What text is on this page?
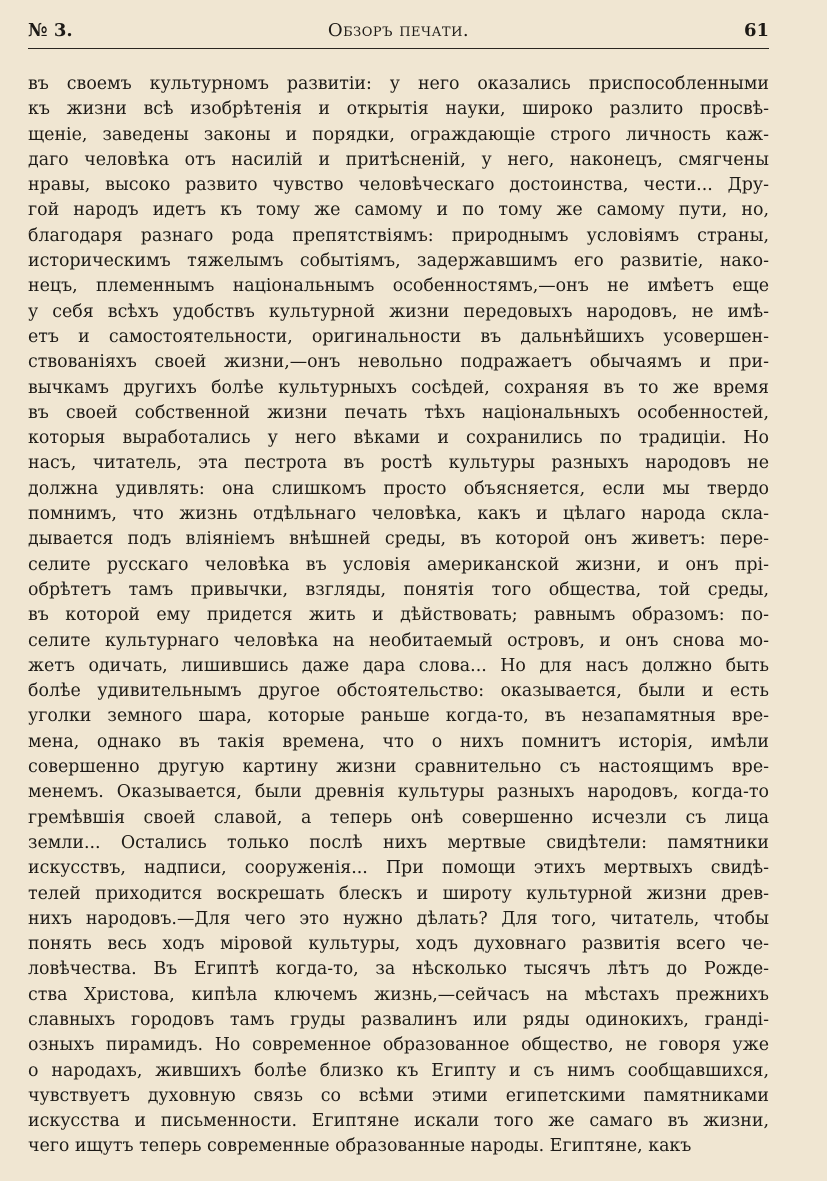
№ 3.	Обзоръ печати.	61
въ своемъ культурномъ развитіи: у него оказались приспособленными
къ жизни всѣ изобрѣтенія и открытія науки, широко разлито просвѣ-
щеніе, заведены законы и порядки, ограждающіе строго личность каж-
даго человѣка отъ насилій и притѣсненій, у него, наконецъ, смягчены
нравы, высоко развито чувство человѣческаго достоинства, чести... Дру-
гой народъ идетъ къ тому же самому и по тому же самому пути, но,
благодаря разнаго рода препятствіямъ: природнымъ условіямъ страны,
историческимъ тяжелымъ событіямъ, задержавшимъ его развитіе, нако-
нецъ, племеннымъ національнымъ особенностямъ,—онъ не имѣетъ еще
у себя всѣхъ удобствъ культурной жизни передовыхъ народовъ, не имѣ-
етъ и самостоятельности, оригинальности въ дальнѣйшихъ усовершен-
ствованіяхъ своей жизни,—онъ невольно подражаетъ обычаямъ и при-
вычкамъ другихъ болѣе культурныхъ сосѣдей, сохраняя въ то же время
въ своей собственной жизни печать тѣхъ національныхъ особенностей,
которыя выработались у него вѣками и сохранились по традиціи. Но
насъ, читатель, эта пестрота въ ростѣ культуры разныхъ народовъ не
должна удивлять: она слишкомъ просто объясняется, если мы твердо
помнимъ, что жизнь отдѣльнаго человѣка, какъ и цѣлаго народа скла-
дывается подъ вліяніемъ внѣшней среды, въ которой онъ живетъ: пере-
селите русскаго человѣка въ условія американской жизни, и онъ прі-
обрѣтетъ тамъ привычки, взгляды, понятія того общества, той среды,
въ которой ему придется жить и дѣйствовать; равнымъ образомъ: по-
селите культурнаго человѣка на необитаемый островъ, и онъ снова мо-
жетъ одичать, лишившись даже дара слова... Но для насъ должно быть
болѣе удивительнымъ другое обстоятельство: оказывается, были и есть
уголки земного шара, которые раньше когда-то, въ незапамятныя вре-
мена, однако въ такія времена, что о нихъ помнитъ исторія, имѣли
совершенно другую картину жизни сравнительно съ настоящимъ вре-
менемъ. Оказывается, были древнія культуры разныхъ народовъ, когда-то
гремѣвшія своей славой, а теперь онѣ совершенно исчезли съ лица
земли... Остались только послѣ нихъ мертвые свидѣтели: памятники
искусствъ, надписи, сооруженія... При помощи этихъ мертвыхъ свидѣ-
телей приходится воскрешать блескъ и широту культурной жизни древ-
нихъ народовъ.—Для чего это нужно дѣлать? Для того, читатель, чтобы
понять весь ходъ міровой культуры, ходъ духовнаго развитія всего че-
ловѣчества. Въ Египтѣ когда-то, за нѣсколько тысячъ лѣтъ до Рожде-
ства Христова, кипѣла ключемъ жизнь,—сейчасъ на мѣстахъ прежнихъ
славныхъ городовъ тамъ груды развалинъ или ряды одинокихъ, гранді-
озныхъ пирамидъ. Но современное образованное общество, не говоря уже
о народахъ, жившихъ болѣе близко къ Египту и съ нимъ сообщавшихся,
чувствуетъ духовную связь со всѣми этими египетскими памятниками
искусства и письменности. Египтяне искали того же самаго въ жизни,
чего ищутъ теперь современные образованные народы. Египтяне, какъ
